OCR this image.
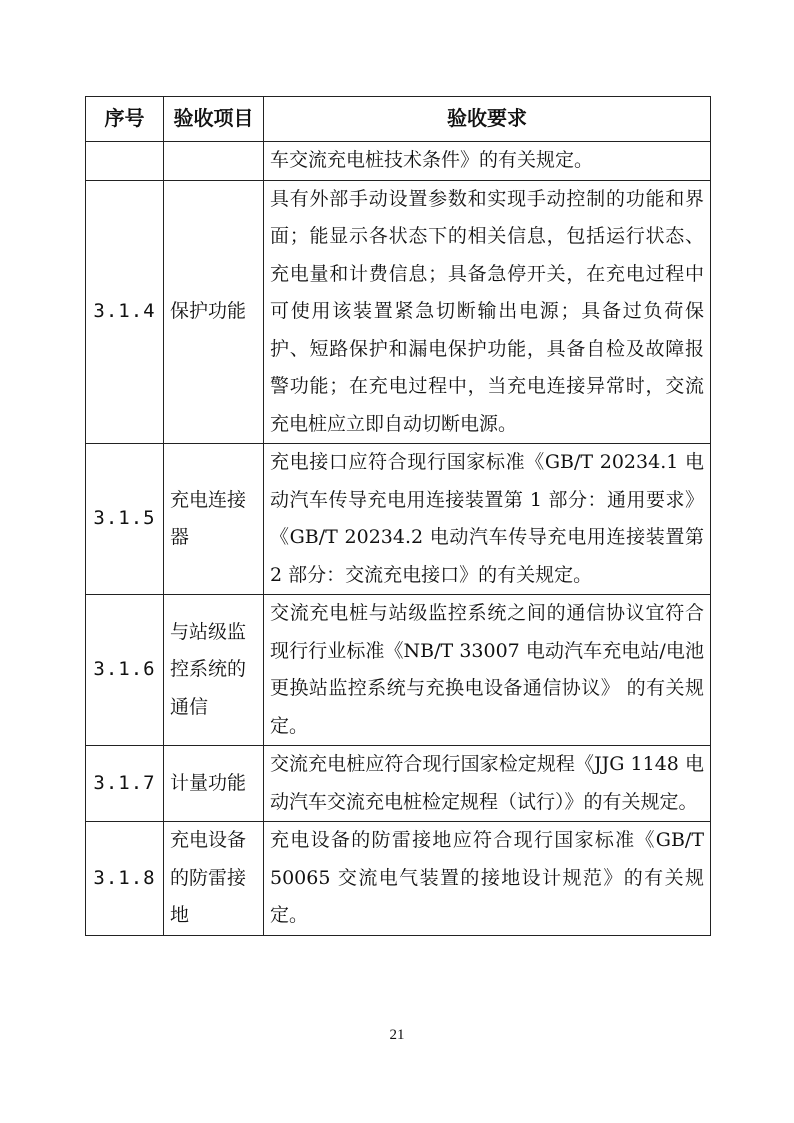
序号	验收项目	验收要求
		车交流充电桩技术条件》的有关规定。
3.1.4	保护功能	具有外部手动设置参数和实现手动控制的功能和界面；能显示各状态下的相关信息，包括运行状态、充电量和计费信息；具备急停开关，在充电过程中可使用该装置紧急切断输出电源；具备过负荷保护、短路保护和漏电保护功能，具备自检及故障报警功能；在充电过程中，当充电连接异常时，交流充电桩应立即自动切断电源。
3.1.5	充电连接器	充电接口应符合现行国家标准《GB/T 20234.1 电动汽车传导充电用连接装置第 1 部分：通用要求》《GB/T 20234.2 电动汽车传导充电用连接装置第 2 部分：交流充电接口》的有关规定。
3.1.6	与站级监控系统的通信	交流充电桩与站级监控系统之间的通信协议宜符合现行行业标准《NB/T 33007 电动汽车充电站/电池更换站监控系统与充换电设备通信协议》 的有关规定。
3.1.7	计量功能	交流充电桩应符合现行国家检定规程《JJG 1148 电动汽车交流充电桩检定规程（试行）》的有关规定。
3.1.8	充电设备的防雷接地	充电设备的防雷接地应符合现行国家标准《GB/T 50065 交流电气装置的接地设计规范》的有关规定。
21
